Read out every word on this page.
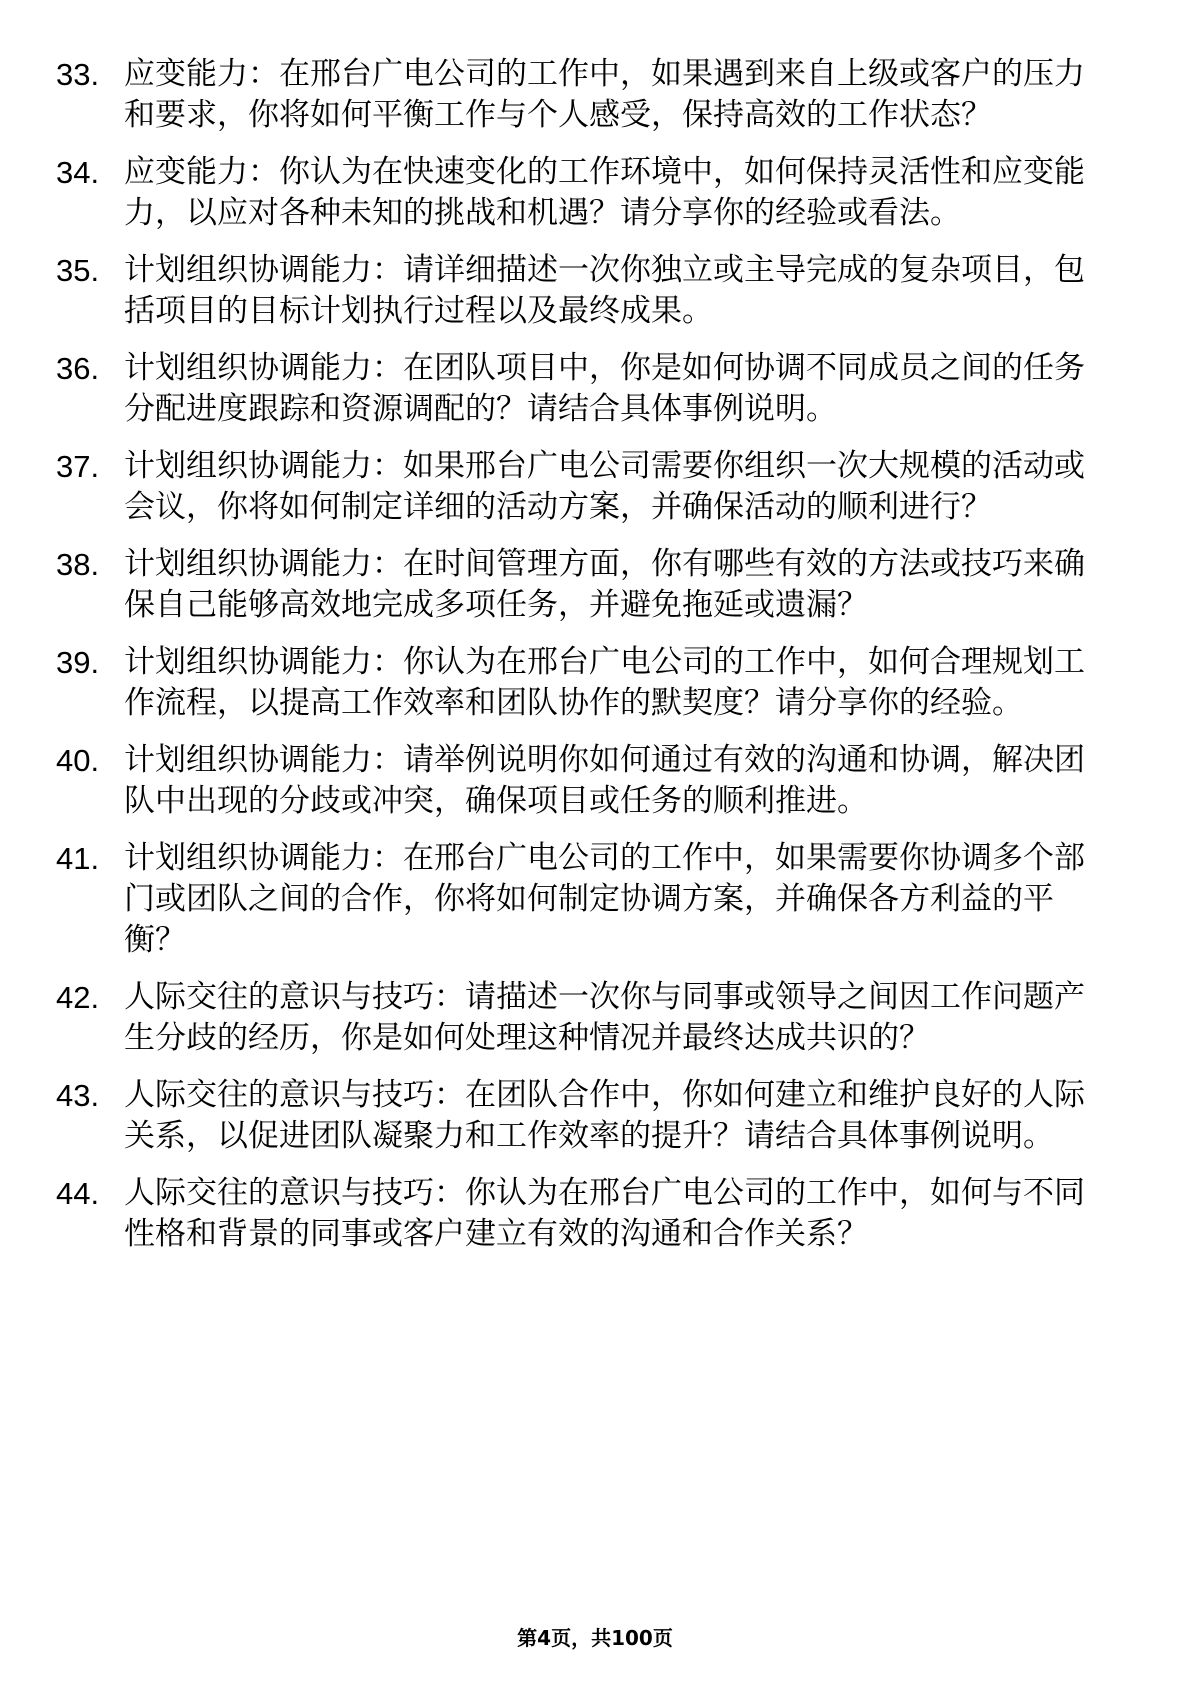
33. 应变能力：在邢台广电公司的工作中，如果遇到来自上级或客户的压力和要求，你将如何平衡工作与个人感受，保持高效的工作状态？
34. 应变能力：你认为在快速变化的工作环境中，如何保持灵活性和应变能力，以应对各种未知的挑战和机遇？请分享你的经验或看法。
35. 计划组织协调能力：请详细描述一次你独立或主导完成的复杂项目，包括项目的目标计划执行过程以及最终成果。
36. 计划组织协调能力：在团队项目中，你是如何协调不同成员之间的任务分配进度跟踪和资源调配的？请结合具体事例说明。
37. 计划组织协调能力：如果邢台广电公司需要你组织一次大规模的活动或会议，你将如何制定详细的活动方案，并确保活动的顺利进行？
38. 计划组织协调能力：在时间管理方面，你有哪些有效的方法或技巧来确保自己能够高效地完成多项任务，并避免拖延或遗漏？
39. 计划组织协调能力：你认为在邢台广电公司的工作中，如何合理规划工作流程，以提高工作效率和团队协作的默契度？请分享你的经验。
40. 计划组织协调能力：请举例说明你如何通过有效的沟通和协调，解决团队中出现的分歧或冲突，确保项目或任务的顺利推进。
41. 计划组织协调能力：在邢台广电公司的工作中，如果需要你协调多个部门或团队之间的合作，你将如何制定协调方案，并确保各方利益的平衡？
42. 人际交往的意识与技巧：请描述一次你与同事或领导之间因工作问题产生分歧的经历，你是如何处理这种情况并最终达成共识的？
43. 人际交往的意识与技巧：在团队合作中，你如何建立和维护良好的人际关系，以促进团队凝聚力和工作效率的提升？请结合具体事例说明。
44. 人际交往的意识与技巧：你认为在邢台广电公司的工作中，如何与不同性格和背景的同事或客户建立有效的沟通和合作关系？
第4页，共100页
